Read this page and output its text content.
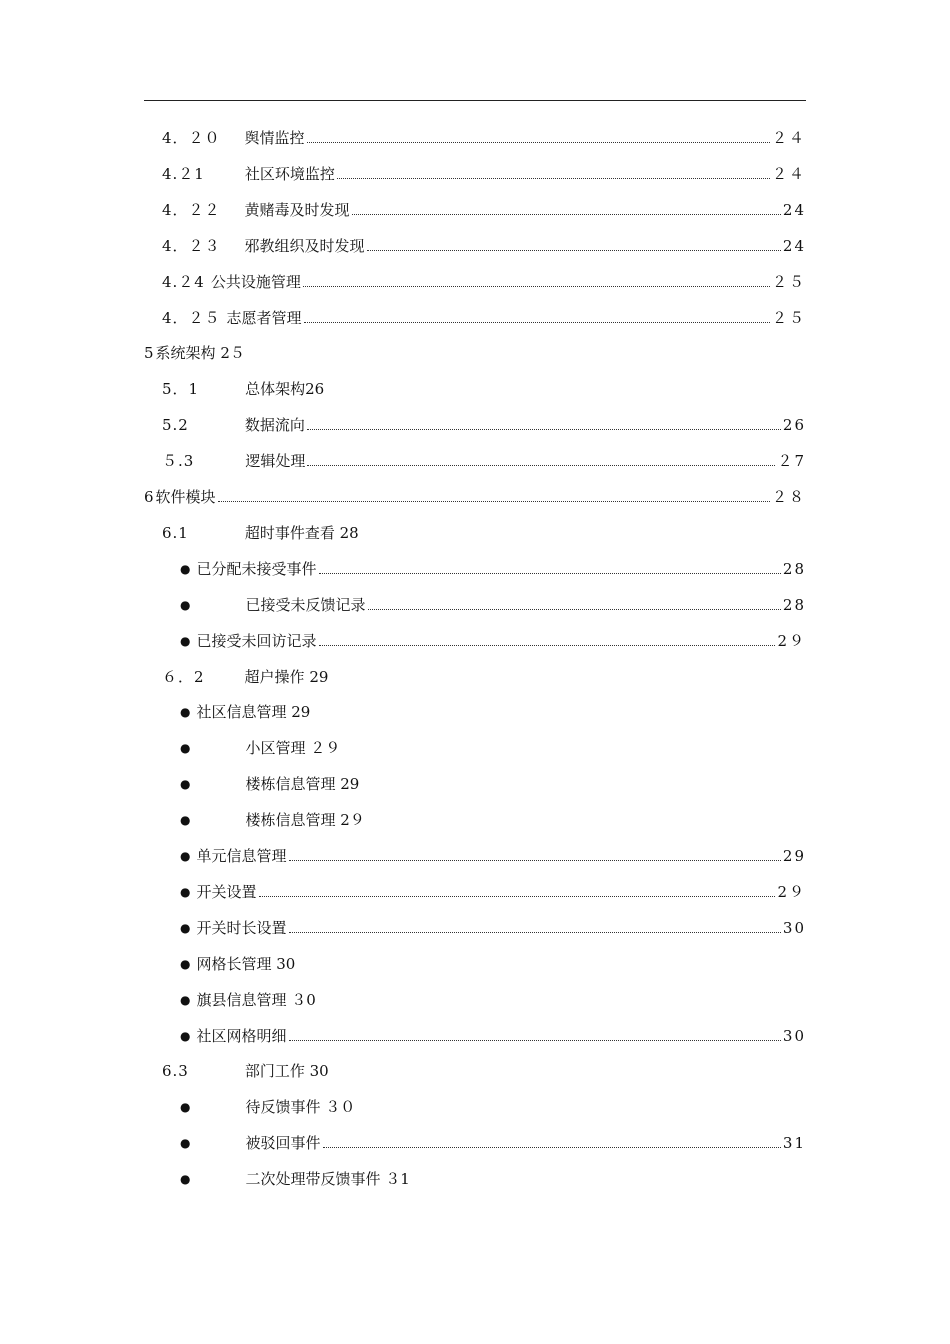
4．２０ 舆情监控	２４
4.２1	社区环境监控	２４
4．２２ 黄赌毒及时发现	24
4．２３ 邪教组织及时发现	24
4.２4 公共设施管理	２５
4．２５ 志愿者管理	２５
5 系统架构 2５
5．1	总体架构26
5.2	数据流向	26
５.3	逻辑处理	２7
6 软件模块	２８
6.1	超时事件查看 28
● 已分配未接受事件	28
●	已接受未反馈记录	28
● 已接受未回访记录	2９
６．2	超户操作 29
● 社区信息管理 29
●	小区管理 ２９
●	楼栋信息管理 29
●	楼栋信息管理 2９
● 单元信息管理	29
● 开关设置	2９
● 开关时长设置	30
● 网格长管理 30
● 旗县信息管理 ３0
● 社区网格明细	30
6.3	部门工作 30
●	待反馈事件 ３０
●	被驳回事件	31
●	二次处理带反馈事件 ３1
